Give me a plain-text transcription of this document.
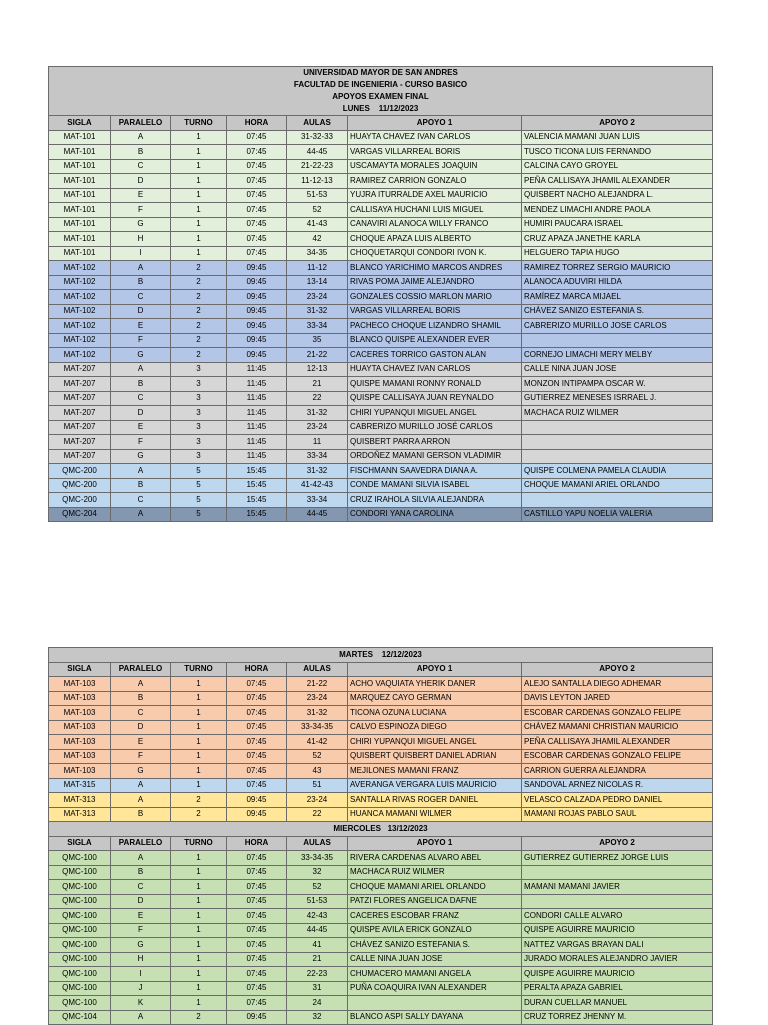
UNIVERSIDAD MAYOR DE SAN ANDRES
FACULTAD DE INGENIERIA - CURSO BASICO
APOYOS EXAMEN FINAL
LUNES    11/12/2023						

SIGLA	PARALELO	TURNO	HORA	AULAS	APOYO 1	APOYO 2
MAT-101	A	1	07:45	31-32-33	HUAYTA CHAVEZ IVAN CARLOS	VALENCIA MAMANI JUAN LUIS
MAT-101	B	1	07:45	44-45	VARGAS VILLARREAL BORIS	TUSCO TICONA LUIS FERNANDO
MAT-101	C	1	07:45	21-22-23	USCAMAYTA MORALES JOAQUIN	CALCINA CAYO GROYEL
MAT-101	D	1	07:45	11-12-13	RAMIREZ CARRION GONZALO	PEÑA CALLISAYA JHAMIL ALEXANDER
MAT-101	E	1	07:45	51-53	YUJRA ITURRALDE AXEL MAURICIO	QUISBERT NACHO ALEJANDRA L.
MAT-101	F	1	07:45	52	CALLISAYA HUCHANI LUIS MIGUEL	MENDEZ LIMACHI ANDRE PAOLA
MAT-101	G	1	07:45	41-43	CANAVIRI ALANOCA WILLY FRANCO	HUMIRI PAUCARA ISRAEL
MAT-101	H	1	07:45	42	CHOQUE APAZA LUIS ALBERTO	CRUZ APAZA JANETHE KARLA
MAT-101	I	1	07:45	34-35	CHOQUETARQUI CONDORI IVON K.	HELGUERO TAPIA HUGO
MAT-102	A	2	09:45	11-12	BLANCO YARICHIMO MARCOS ANDRES	RAMIREZ TORREZ SERGIO MAURICIO
MAT-102	B	2	09:45	13-14	RIVAS POMA JAIME ALEJANDRO	ALANOCA ADUVIRI HILDA
MAT-102	C	2	09:45	23-24	GONZALES COSSIO MARLON MARIO	RAMÍREZ MARCA MIJAEL
MAT-102	D	2	09:45	31-32	VARGAS VILLARREAL BORIS	CHÁVEZ SANIZO ESTEFANIA S.
MAT-102	E	2	09:45	33-34	PACHECO CHOQUE LIZANDRO SHAMIL	CABRERIZO MURILLO JOSE CARLOS
MAT-102	F	2	09:45	35	BLANCO QUISPE ALEXANDER EVER	
MAT-102	G	2	09:45	21-22	CACERES TORRICO GASTON ALAN	CORNEJO LIMACHI MERY MELBY
MAT-207	A	3	11:45	12-13	HUAYTA CHAVEZ IVAN CARLOS	CALLE NINA JUAN JOSE
MAT-207	B	3	11:45	21	QUISPE MAMANI RONNY RONALD	MONZON INTIPAMPA OSCAR W.
MAT-207	C	3	11:45	22	QUISPE CALLISAYA JUAN REYNALDO	GUTIERREZ MENESES ISRRAEL J.
MAT-207	D	3	11:45	31-32	CHIRI YUPANQUI MIGUEL ANGEL	MACHACA RUIZ WILMER
MAT-207	E	3	11:45	23-24	CABRERIZO MURILLO JOSÉ CARLOS	
MAT-207	F	3	11:45	11	QUISBERT PARRA ARRON	
MAT-207	G	3	11:45	33-34	ORDOÑEZ MAMANI GERSON VLADIMIR	
QMC-200	A	5	15:45	31-32	FISCHMANN SAAVEDRA DIANA A.	QUISPE COLMENA PAMELA CLAUDIA
QMC-200	B	5	15:45	41-42-43	CONDE MAMANI SILVIA ISABEL	CHOQUE MAMANI ARIEL ORLANDO
QMC-200	C	5	15:45	33-34	CRUZ IRAHOLA SILVIA ALEJANDRA	
QMC-204	A	5	15:45	44-45	CONDORI YANA CAROLINA	CASTILLO YAPU NOELIA VALERIA
MARTES    12/12/2023						
SIGLA	PARALELO	TURNO	HORA	AULAS	APOYO 1	APOYO 2
MAT-103	A	1	07:45	21-22	ACHO VAQUIATA YHERIK DANER	ALEJO SANTALLA DIEGO ADHEMAR
MAT-103	B	1	07:45	23-24	MARQUEZ CAYO GERMAN	DAVIS LEYTON JARED
MAT-103	C	1	07:45	31-32	TICONA OZUNA LUCIANA	ESCOBAR CARDENAS GONZALO FELIPE
MAT-103	D	1	07:45	33-34-35	CALVO ESPINOZA DIEGO	CHÁVEZ MAMANI CHRISTIAN MAURICIO
MAT-103	E	1	07:45	41-42	CHIRI YUPANQUI MIGUEL ANGEL	PEÑA CALLISAYA JHAMIL ALEXANDER
MAT-103	F	1	07:45	52	QUISBERT QUISBERT DANIEL ADRIAN	ESCOBAR CARDENAS GONZALO FELIPE
MAT-103	G	1	07:45	43	MEJILONES MAMANI FRANZ	CARRION GUERRA ALEJANDRA
MAT-315	A	1	07:45	51	AVERANGA VERGARA LUIS MAURICIO	SANDOVAL ARNEZ NICOLAS R.
MAT-313	A	2	09:45	23-24	SANTALLA RIVAS ROGER DANIEL	VELASCO CALZADA PEDRO DANIEL
MAT-313	B	2	09:45	22	HUANCA MAMANI WILMER	MAMANI ROJAS PABLO SAUL
MIERCOLES   13/12/2023						
SIGLA	PARALELO	TURNO	HORA	AULAS	APOYO 1	APOYO 2
QMC-100	A	1	07:45	33-34-35	RIVERA CARDENAS ALVARO ABEL	GUTIERREZ GUTIERREZ JORGE LUIS
QMC-100	B	1	07:45	32	MACHACA RUIZ WILMER	
QMC-100	C	1	07:45	52	CHOQUE MAMANI ARIEL ORLANDO	MAMANI MAMANI JAVIER
QMC-100	D	1	07:45	51-53	PATZI FLORES ANGELICA DAFNE	
QMC-100	E	1	07:45	42-43	CACERES ESCOBAR FRANZ	CONDORI CALLE ALVARO
QMC-100	F	1	07:45	44-45	QUISPE AVILA ERICK GONZALO	QUISPE AGUIRRE MAURICIO
QMC-100	G	1	07:45	41	CHÁVEZ SANIZO ESTEFANIA S.	NATTEZ VARGAS BRAYAN DALI
QMC-100	H	1	07:45	21	CALLE NINA JUAN JOSE	JURADO MORALES ALEJANDRO JAVIER
QMC-100	I	1	07:45	22-23	CHUMACERO MAMANI ANGELA	QUISPE AGUIRRE MAURICIO
QMC-100	J	1	07:45	31	PUÑA COAQUIRA IVAN ALEXANDER	PERALTA APAZA GABRIEL
QMC-100	K	1	07:45	24		DURAN CUELLAR MANUEL
QMC-104	A	2	09:45	32	BLANCO ASPI SALLY DAYANA	CRUZ TORREZ JHENNY M.
